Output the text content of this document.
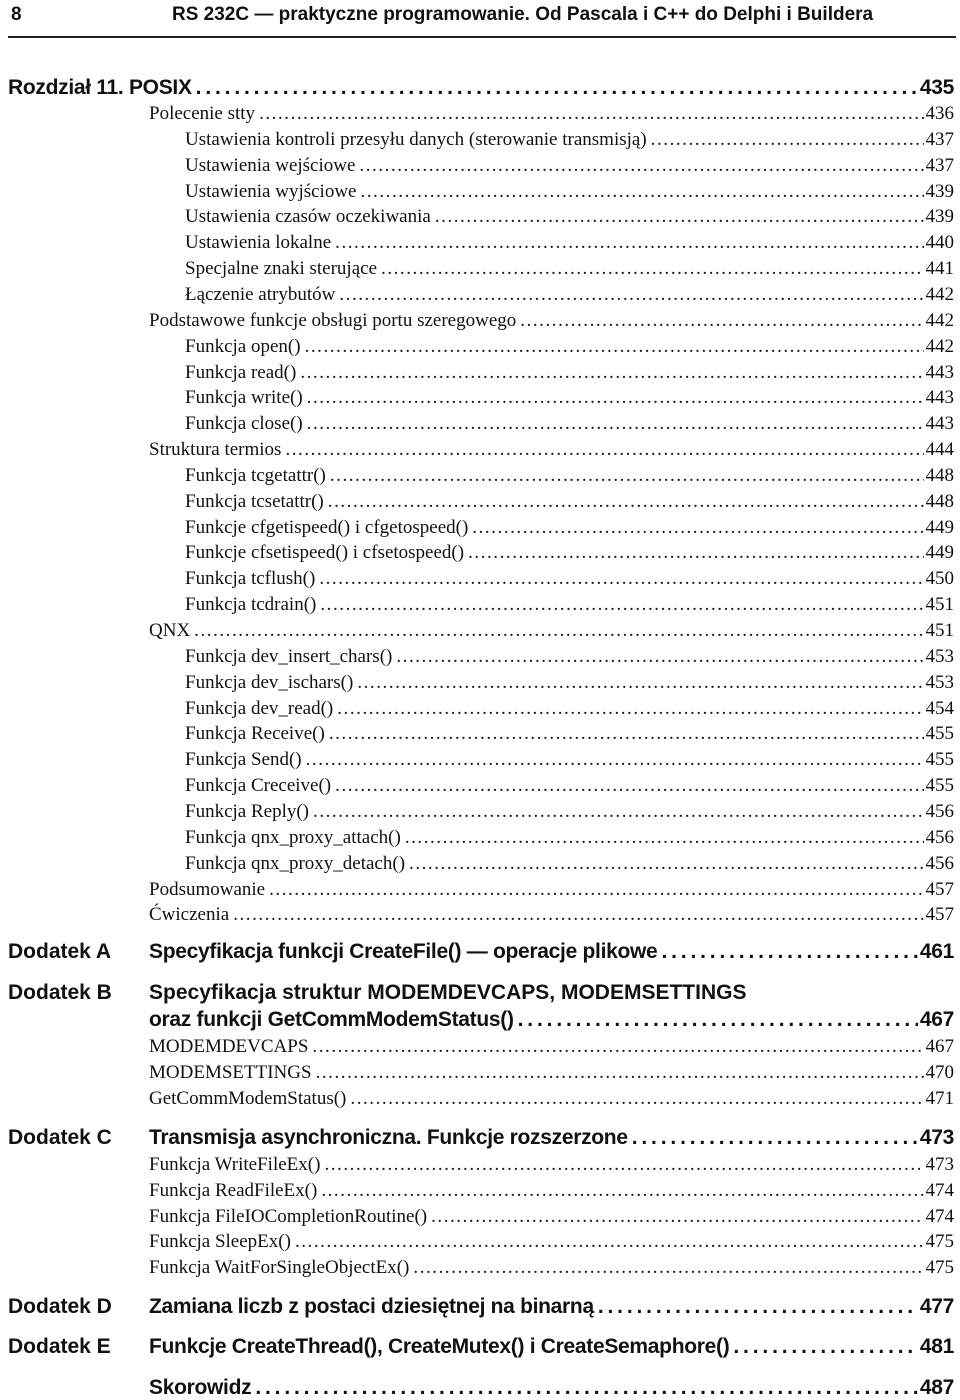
8	RS 232C — praktyczne programowanie. Od Pascala i C++ do Delphi i Buildera
Rozdział 11. POSIX . . .	435
Polecenie stty . . .	436
Ustawienia kontroli przesyłu danych (sterowanie transmisją) . . .	437
Ustawienia wejściowe . . .	437
Ustawienia wyjściowe . . .	439
Ustawienia czasów oczekiwania . . .	439
Ustawienia lokalne . . .	440
Specjalne znaki sterujące . . .	441
Łączenie atrybutów . . .	442
Podstawowe funkcje obsługi portu szeregowego . . .	442
Funkcja open() . . .	442
Funkcja read() . . .	443
Funkcja write() . . .	443
Funkcja close() . . .	443
Struktura termios . . .	444
Funkcja tcgetattr() . . .	448
Funkcja tcsetattr() . . .	448
Funkcje cfgetispeed() i cfgetospeed() . . .	449
Funkcje cfsetispeed() i cfsetospeed() . . .	449
Funkcja tcflush() . . .	450
Funkcja tcdrain() . . .	451
QNX . . .	451
Funkcja dev_insert_chars() . . .	453
Funkcja dev_ischars() . . .	453
Funkcja dev_read() . . .	454
Funkcja Receive() . . .	455
Funkcja Send() . . .	455
Funkcja Creceive() . . .	455
Funkcja Reply() . . .	456
Funkcja qnx_proxy_attach() . . .	456
Funkcja qnx_proxy_detach() . . .	456
Podsumowanie . . .	457
Ćwiczenia . . .	457
Dodatek A Specyfikacja funkcji CreateFile() — operacje plikowe . . .	461
Dodatek B Specyfikacja struktur MODEMDEVCAPS, MODEMSETTINGS
oraz funkcji GetCommModemStatus() . . .	467
MODEMDEVCAPS . . .	467
MODEMSETTINGS . . .	470
GetCommModemStatus() . . .	471
Dodatek C Transmisja asynchroniczna. Funkcje rozszerzone . . .	473
Funkcja WriteFileEx() . . .	473
Funkcja ReadFileEx() . . .	474
Funkcja FileIOCompletionRoutine() . . .	474
Funkcja SleepEx() . . .	475
Funkcja WaitForSingleObjectEx() . . .	475
Dodatek D Zamiana liczb z postaci dziesiętnej na binarną . . .	477
Dodatek E Funkcje CreateThread(), CreateMutex() i CreateSemaphore() . . .	481
Skorowidz . . .	487
